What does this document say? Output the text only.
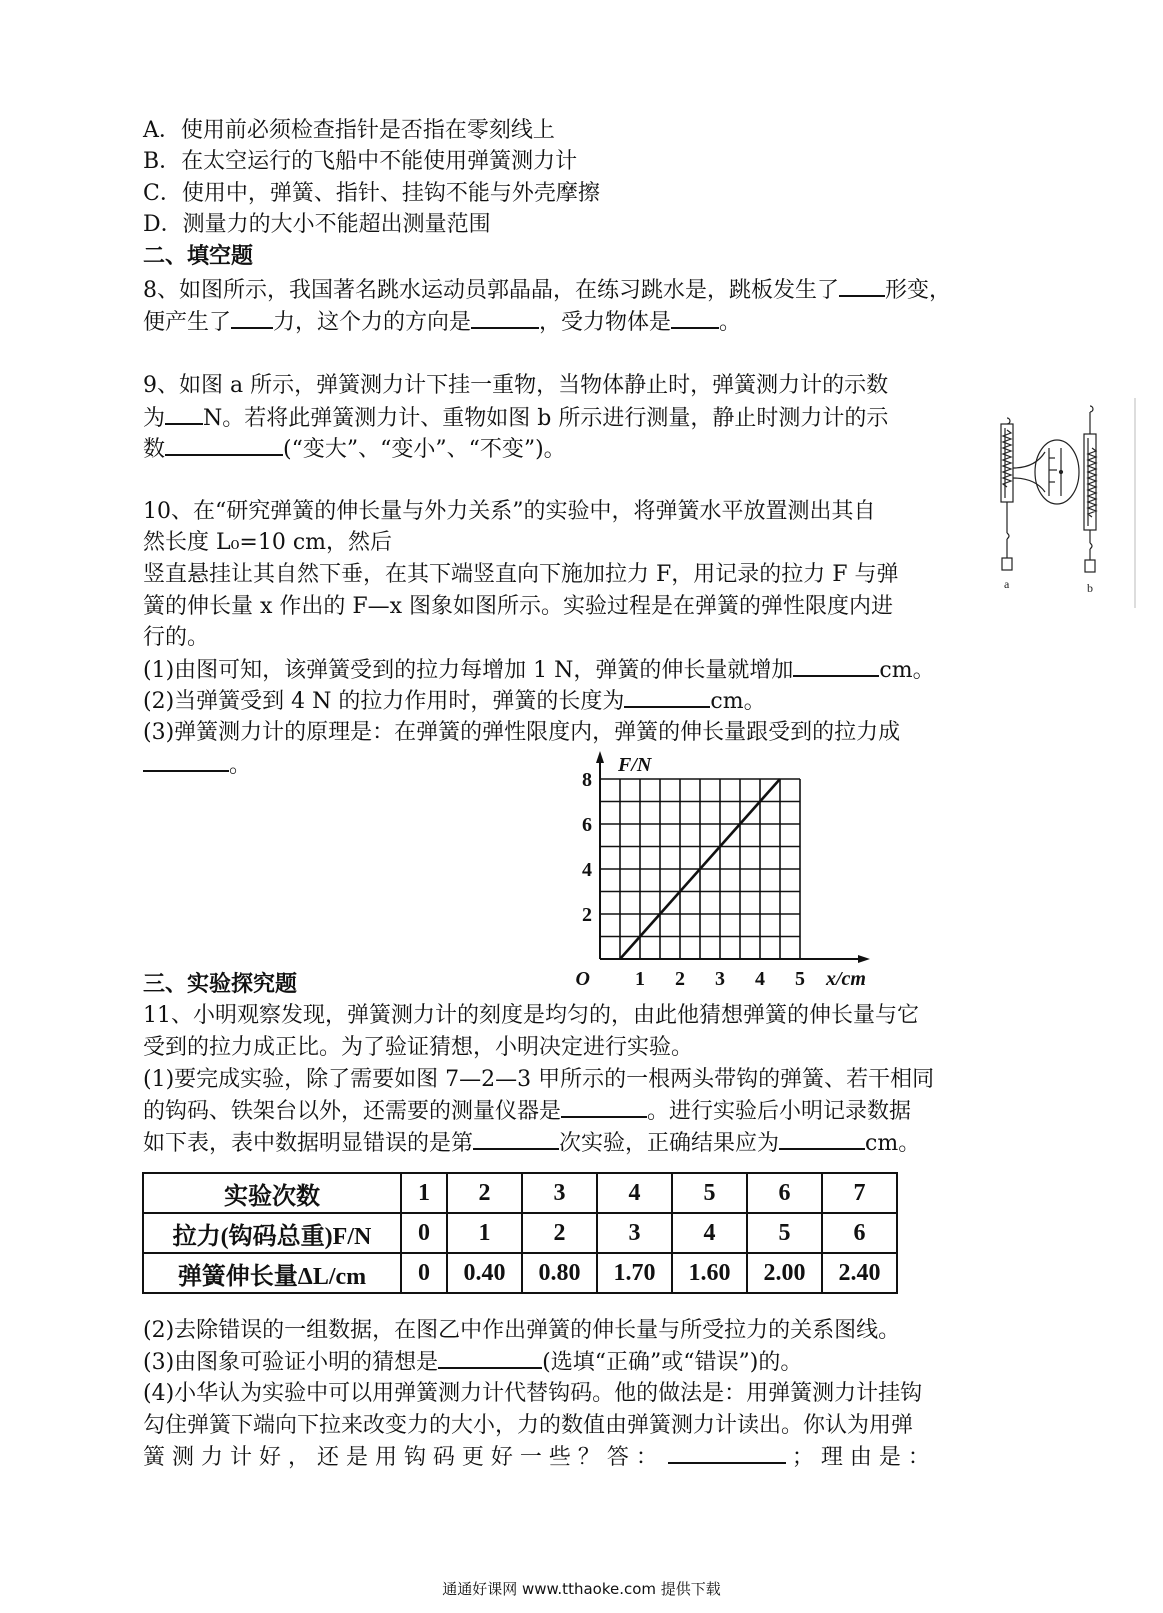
A．使用前必须检查指针是否指在零刻线上
B．在太空运行的飞船中不能使用弹簧测力计
C．使用中，弹簧、指针、挂钩不能与外壳摩擦
D．测量力的大小不能超出测量范围
二、填空题
8、如图所示，我国著名跳水运动员郭晶晶，在练习跳水是，跳板发生了 形变，
便产生了 力，这个力的方向是	，受力物体是 。
9、如图 a 所示，弹簧测力计下挂一重物，当物体静止时，弹簧测力计的示数
为 N。若将此弹簧测力计、重物如图 b 所示进行测量，静止时测力计的示
数	(“变大”、“变小”、“不变”)。
a	b
10、在“研究弹簧的伸长量与外力关系”的实验中，将弹簧水平放置测出其自
然长度 L₀=10 cm，然后
竖直悬挂让其自然下垂，在其下端竖直向下施加拉力 F，用记录的拉力 F 与弹
簧的伸长量 x 作出的 F—x 图象如图所示。实验过程是在弹簧的弹性限度内进
行的。
(1)由图可知，该弹簧受到的拉力每增加 1 N，弹簧的伸长量就增加	cm。
(2)当弹簧受到 4 N 的拉力作用时，弹簧的长度为	cm。
(3)弹簧测力计的原理是：在弹簧的弹性限度内，弹簧的伸长量跟受到的拉力成
。
1 2 3 4 5
2
4
6
8
O	x/cm
F/N
三、实验探究题
11、小明观察发现，弹簧测力计的刻度是均匀的，由此他猜想弹簧的伸长量与它
受到的拉力成正比。为了验证猜想，小明决定进行实验。
(1)要完成实验，除了需要如图 7—2—3 甲所示的一根两头带钩的弹簧、若干相同
的钩码、铁架台以外，还需要的测量仪器是	。进行实验后小明记录数据
如下表，表中数据明显错误的是第	次实验，正确结果应为	cm。
实验次数	1	2	3	4	5	6	7
拉力(钩码总重)F/N	0	1	2	3	4	5	6
弹簧伸长量ΔL/cm	0	0.40	0.80	1.70	1.60	2.00	2.40
(2)去除错误的一组数据，在图乙中作出弹簧的伸长量与所受拉力的关系图线。
(3)由图象可验证小明的猜想是	(选填“正确”或“错误”)的。
(4)小华认为实验中可以用弹簧测力计代替钩码。他的做法是：用弹簧测力计挂钩
勾住弹簧下端向下拉来改变力的大小，力的数值由弹簧测力计读出。你认为用弹
簧 测 力 计 好 ， 还 是 用 钩 码 更 好 一 些 ？ 答 ：	； 理 由 是 ：
通通好课网 www.tthaoke.com 提供下载
